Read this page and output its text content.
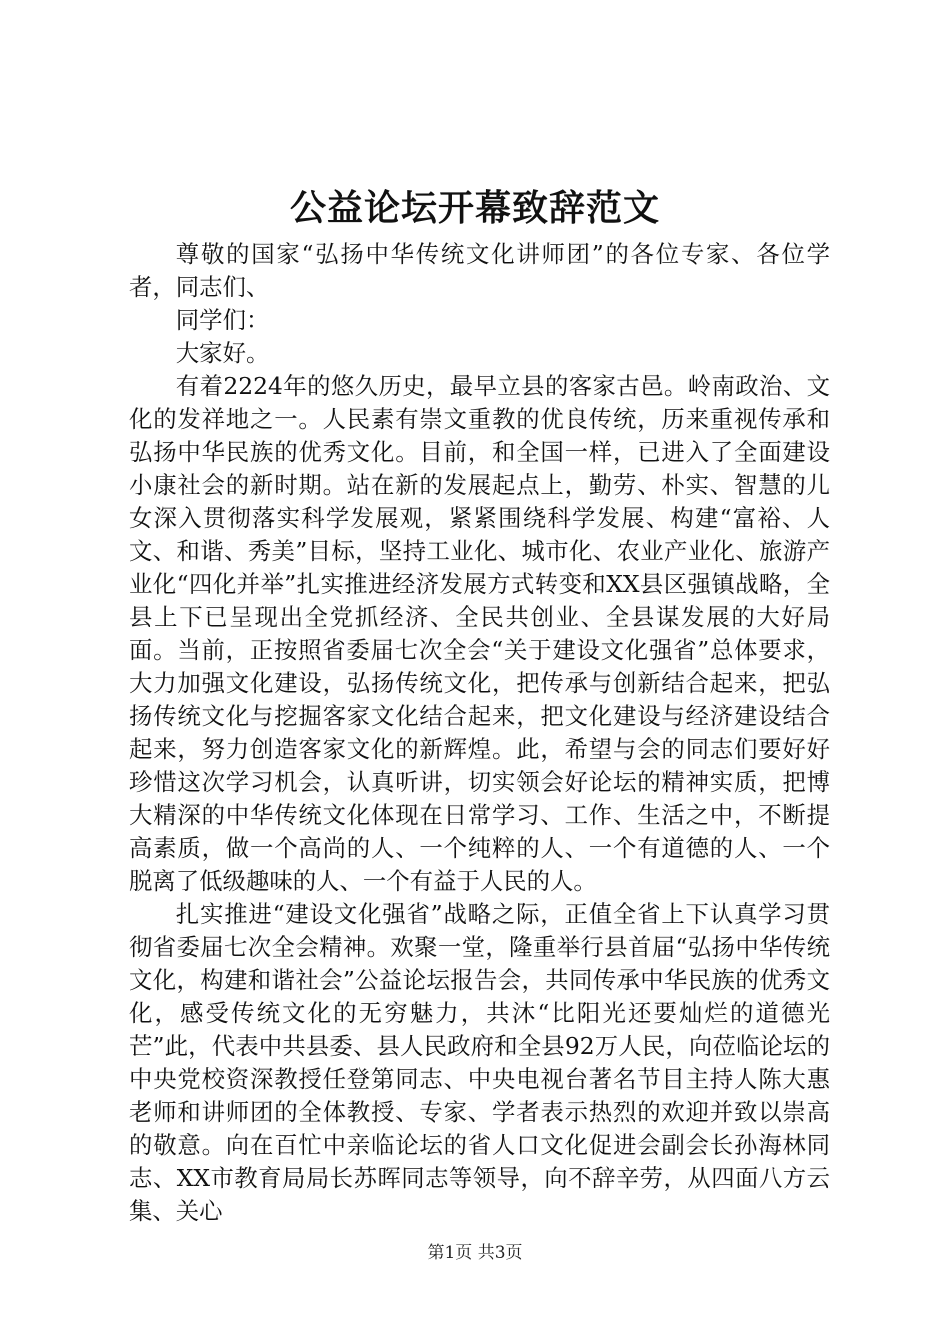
公益论坛开幕致辞范文

尊敬的国家“弘扬中华传统文化讲师团”的各位专家、各位学者，同志们、

同学们：

大家好。

有着2224年的悠久历史，最早立县的客家古邑。岭南政治、文化的发祥地之一。人民素有崇文重教的优良传统，历来重视传承和弘扬中华民族的优秀文化。目前，和全国一样，已进入了全面建设小康社会的新时期。站在新的发展起点上，勤劳、朴实、智慧的儿女深入贯彻落实科学发展观，紧紧围绕科学发展、构建“富裕、人文、和谐、秀美”目标，坚持工业化、城市化、农业产业化、旅游产业化“四化并举”扎实推进经济发展方式转变和XX县区强镇战略，全县上下已呈现出全党抓经济、全民共创业、全县谋发展的大好局面。当前，正按照省委届七次全会“关于建设文化强省”总体要求，大力加强文化建设，弘扬传统文化，把传承与创新结合起来，把弘扬传统文化与挖掘客家文化结合起来，把文化建设与经济建设结合起来，努力创造客家文化的新辉煌。此，希望与会的同志们要好好珍惜这次学习机会，认真听讲，切实领会好论坛的精神实质，把博大精深的中华传统文化体现在日常学习、工作、生活之中，不断提高素质，做一个高尚的人、一个纯粹的人、一个有道德的人、一个脱离了低级趣味的人、一个有益于人民的人。

扎实推进“建设文化强省”战略之际，正值全省上下认真学习贯彻省委届七次全会精神。欢聚一堂，隆重举行县首届“弘扬中华传统文化，构建和谐社会”公益论坛报告会，共同传承中华民族的优秀文化，感受传统文化的无穷魅力，共沐“比阳光还要灿烂的道德光芒”此，代表中共县委、县人民政府和全县92万人民，向莅临论坛的中央党校资深教授任登第同志、中央电视台著名节目主持人陈大惠老师和讲师团的全体教授、专家、学者表示热烈的欢迎并致以崇高的敬意。向在百忙中亲临论坛的省人口文化促进会副会长孙海林同志、XX市教育局局长苏晖同志等领导，向不辞辛劳，从四面八方云集、关心

第1页 共3页
